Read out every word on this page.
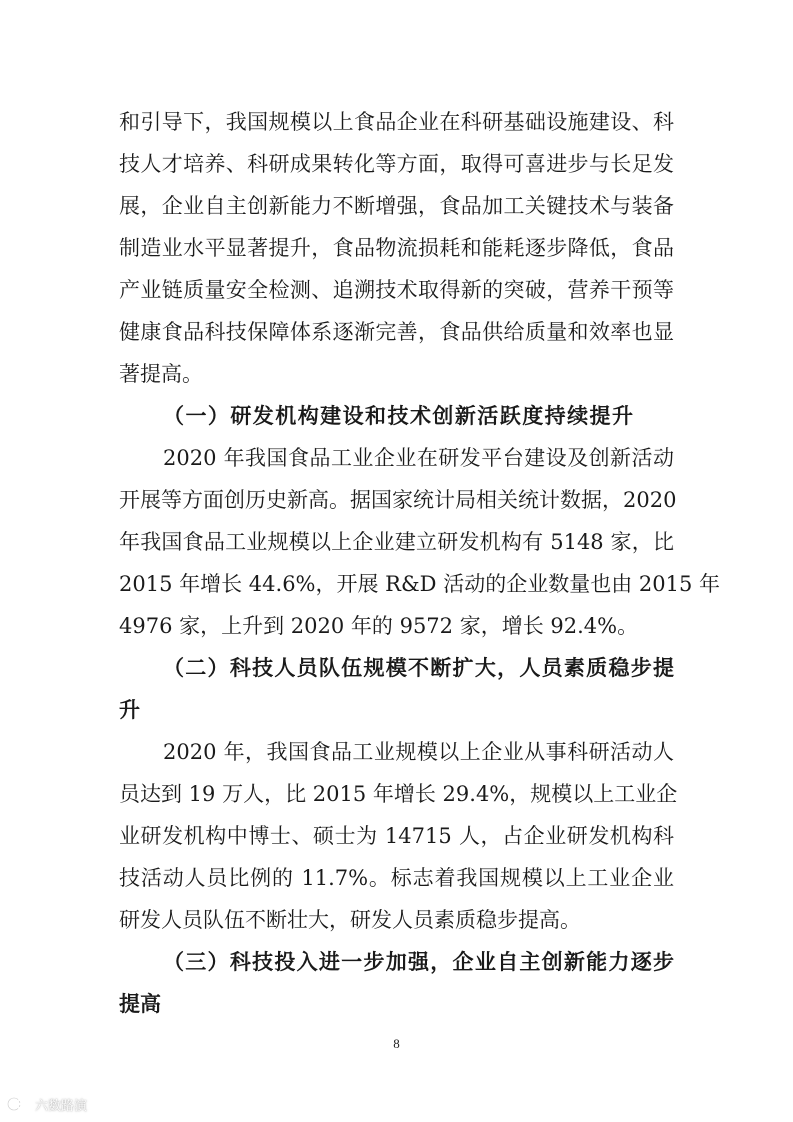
和引导下，我国规模以上食品企业在科研基础设施建设、科
技人才培养、科研成果转化等方面，取得可喜进步与长足发
展，企业自主创新能力不断增强，食品加工关键技术与装备
制造业水平显著提升，食品物流损耗和能耗逐步降低，食品
产业链质量安全检测、追溯技术取得新的突破，营养干预等
健康食品科技保障体系逐渐完善，食品供给质量和效率也显
著提高。
（一）研发机构建设和技术创新活跃度持续提升
2020 年我国食品工业企业在研发平台建设及创新活动
开展等方面创历史新高。据国家统计局相关统计数据，2020
年我国食品工业规模以上企业建立研发机构有 5148 家，比
2015 年增长 44.6%，开展 R&D 活动的企业数量也由 2015 年
4976 家，上升到 2020 年的 9572 家，增长 92.4%。
（二）科技人员队伍规模不断扩大，人员素质稳步提
升
2020 年，我国食品工业规模以上企业从事科研活动人
员达到 19 万人，比 2015 年增长 29.4%，规模以上工业企
业研发机构中博士、硕士为 14715 人，占企业研发机构科
技活动人员比例的 11.7%。标志着我国规模以上工业企业
研发人员队伍不断壮大，研发人员素质稳步提高。
（三）科技投入进一步加强，企业自主创新能力逐步
提高
8
六数路演
